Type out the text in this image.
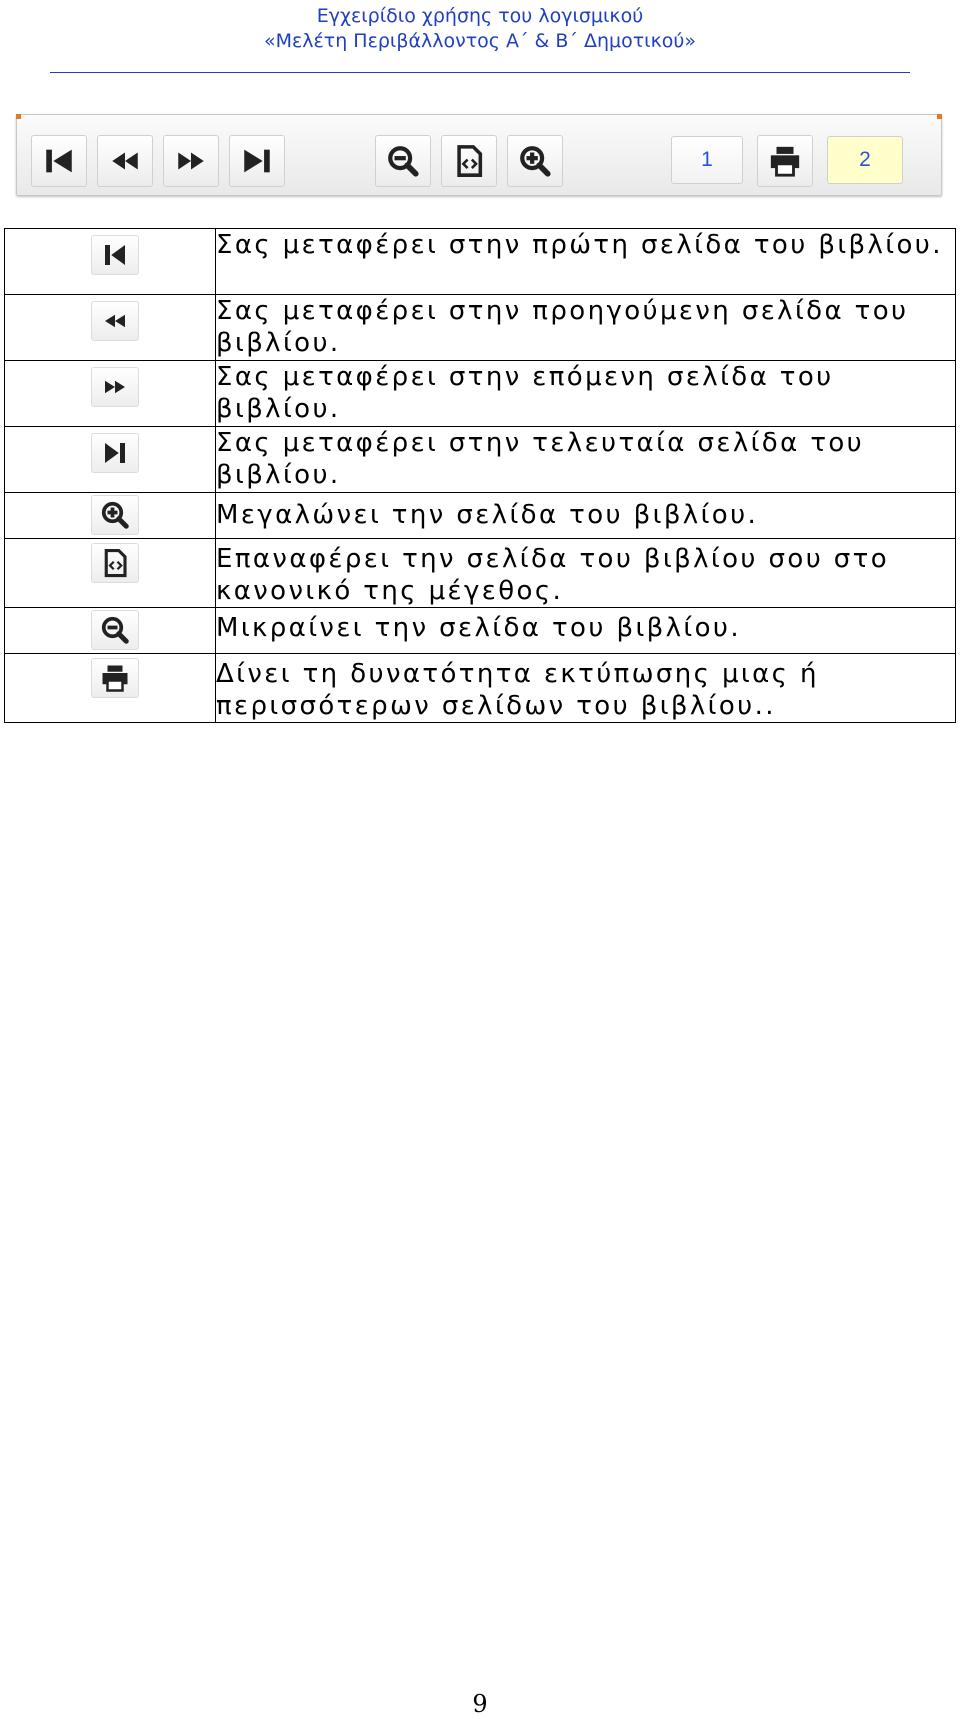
Εγχειρίδιο χρήσης του λογισμικού
«Μελέτη Περιβάλλοντος Α΄ & Β΄ Δημοτικού»
1	2
	Σας μεταφέρει στην πρώτη σελίδα του βιβλίου.

	Σας μεταφέρει στην προηγούμενη σελίδα του βιβλίου.

	Σας μεταφέρει στην επόμενη σελίδα του βιβλίου.

	Σας μεταφέρει στην τελευταία σελίδα του βιβλίου.

	Μεγαλώνει την σελίδα του βιβλίου.

	Επαναφέρει την σελίδα του βιβλίου σου στο κανονικό της μέγεθος.

	Μικραίνει την σελίδα του βιβλίου.

	Δίνει τη δυνατότητα εκτύπωσης μιας ή περισσότερων σελίδων του βιβλίου..
9
